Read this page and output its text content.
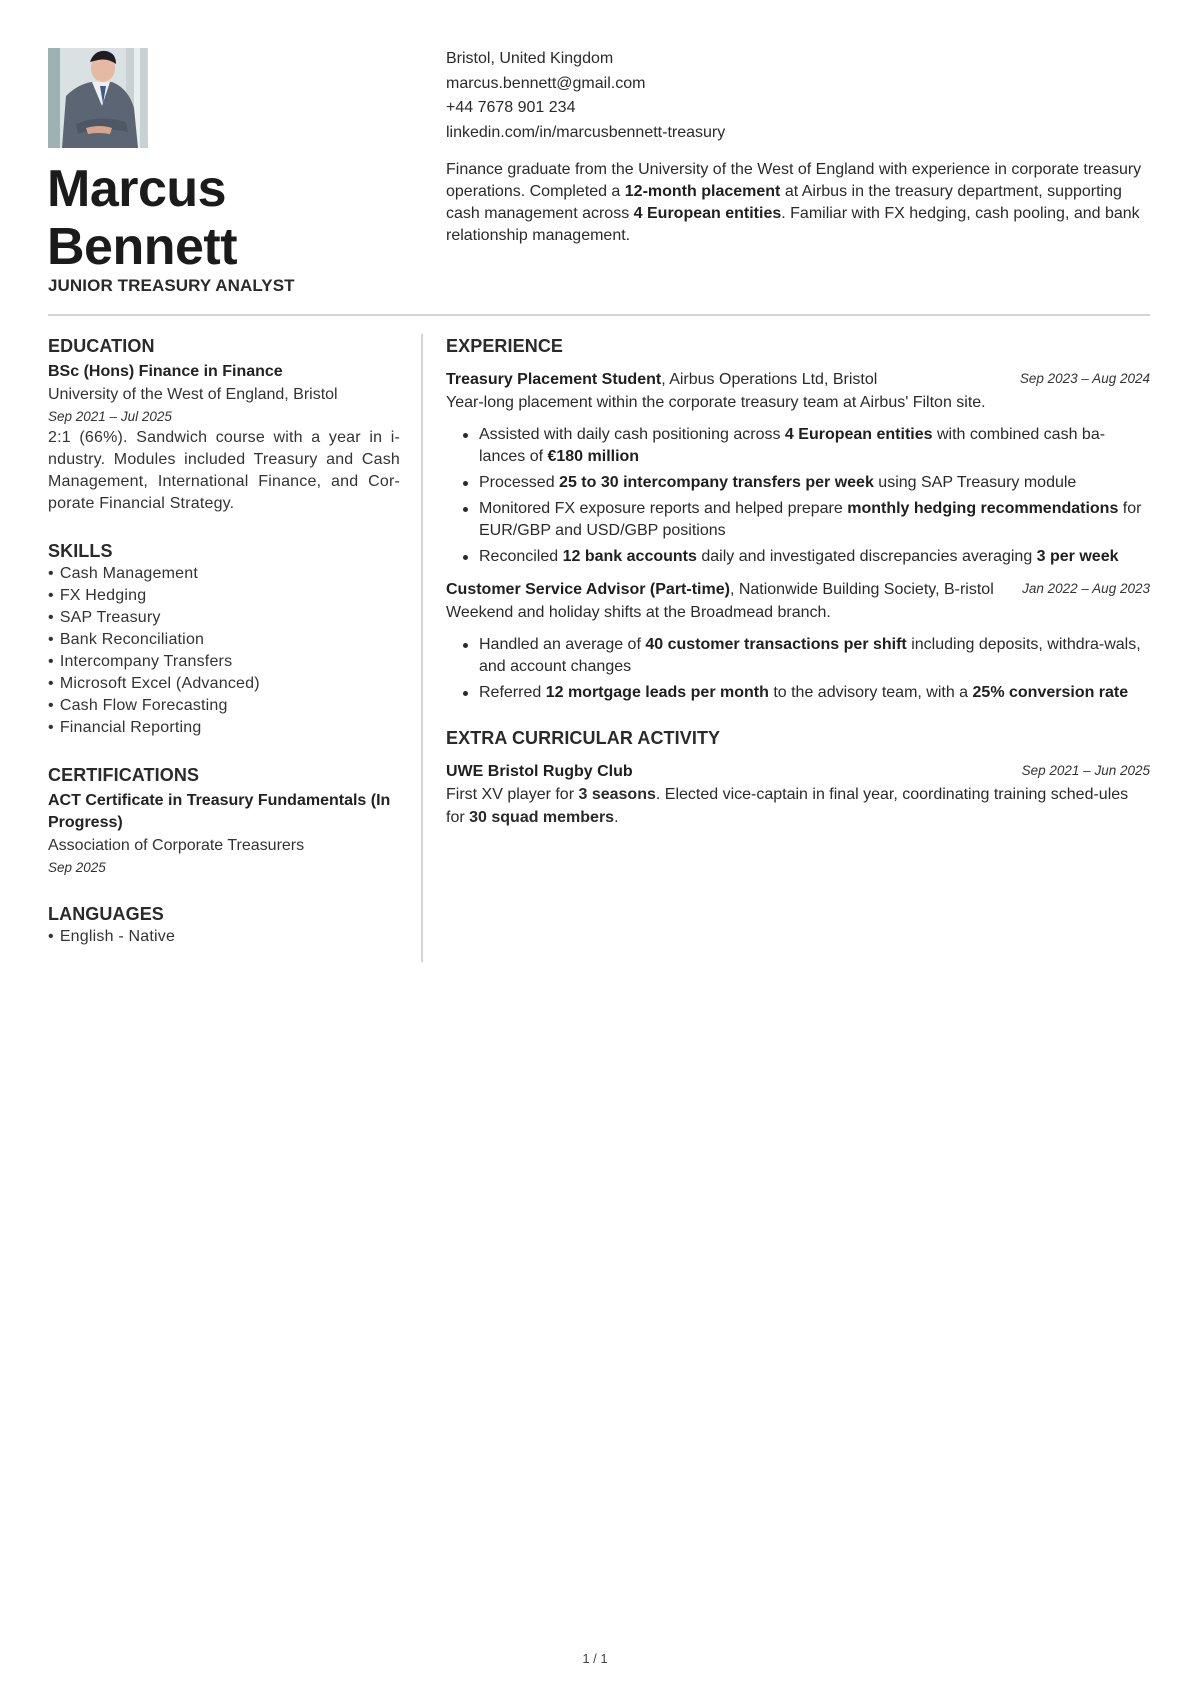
Marcus
Bennett
JUNIOR TREASURY ANALYST
Bristol, United Kingdom
marcus.bennett@gmail.com
+44 7678 901 234
linkedin.com/in/marcusbennett-treasury
Finance graduate from the University of the West of England with experience in corporate treasury operations. Completed a 12-month placement at Airbus in the treasury department, supporting cash management across 4 European entities. Familiar with FX hedging, cash pooling, and bank relationship management.
EDUCATION
BSc (Hons) Finance in Finance
University of the West of England, Bristol
Sep 2021 – Jul 2025
2:1 (66%). Sandwich course with a year in i-ndustry. Modules included Treasury and Cash Management, International Finance, and Cor-porate Financial Strategy.
SKILLS
• Cash Management
• FX Hedging
• SAP Treasury
• Bank Reconciliation
• Intercompany Transfers
• Microsoft Excel (Advanced)
• Cash Flow Forecasting
• Financial Reporting
CERTIFICATIONS
ACT Certificate in Treasury Fundamentals (In Progress)
Association of Corporate Treasurers
Sep 2025
LANGUAGES
• English - Native
EXPERIENCE
Treasury Placement Student, Airbus Operations Ltd, Bristol	Sep 2023 – Aug 2024
Year-long placement within the corporate treasury team at Airbus' Filton site.
Assisted with daily cash positioning across 4 European entities with combined cash ba-lances of €180 million
Processed 25 to 30 intercompany transfers per week using SAP Treasury module
Monitored FX exposure reports and helped prepare monthly hedging recommendations for EUR/GBP and USD/GBP positions
Reconciled 12 bank accounts daily and investigated discrepancies averaging 3 per week
Customer Service Advisor (Part-time), Nationwide Building Society, B-ristol Jan 2022 – Aug 2023
Weekend and holiday shifts at the Broadmead branch.
Handled an average of 40 customer transactions per shift including deposits, withdra-wals, and account changes
Referred 12 mortgage leads per month to the advisory team, with a 25% conversion rate
EXTRA CURRICULAR ACTIVITY
UWE Bristol Rugby Club	Sep 2021 – Jun 2025
First XV player for 3 seasons. Elected vice-captain in final year, coordinating training sched-ules for 30 squad members.
1 / 1
